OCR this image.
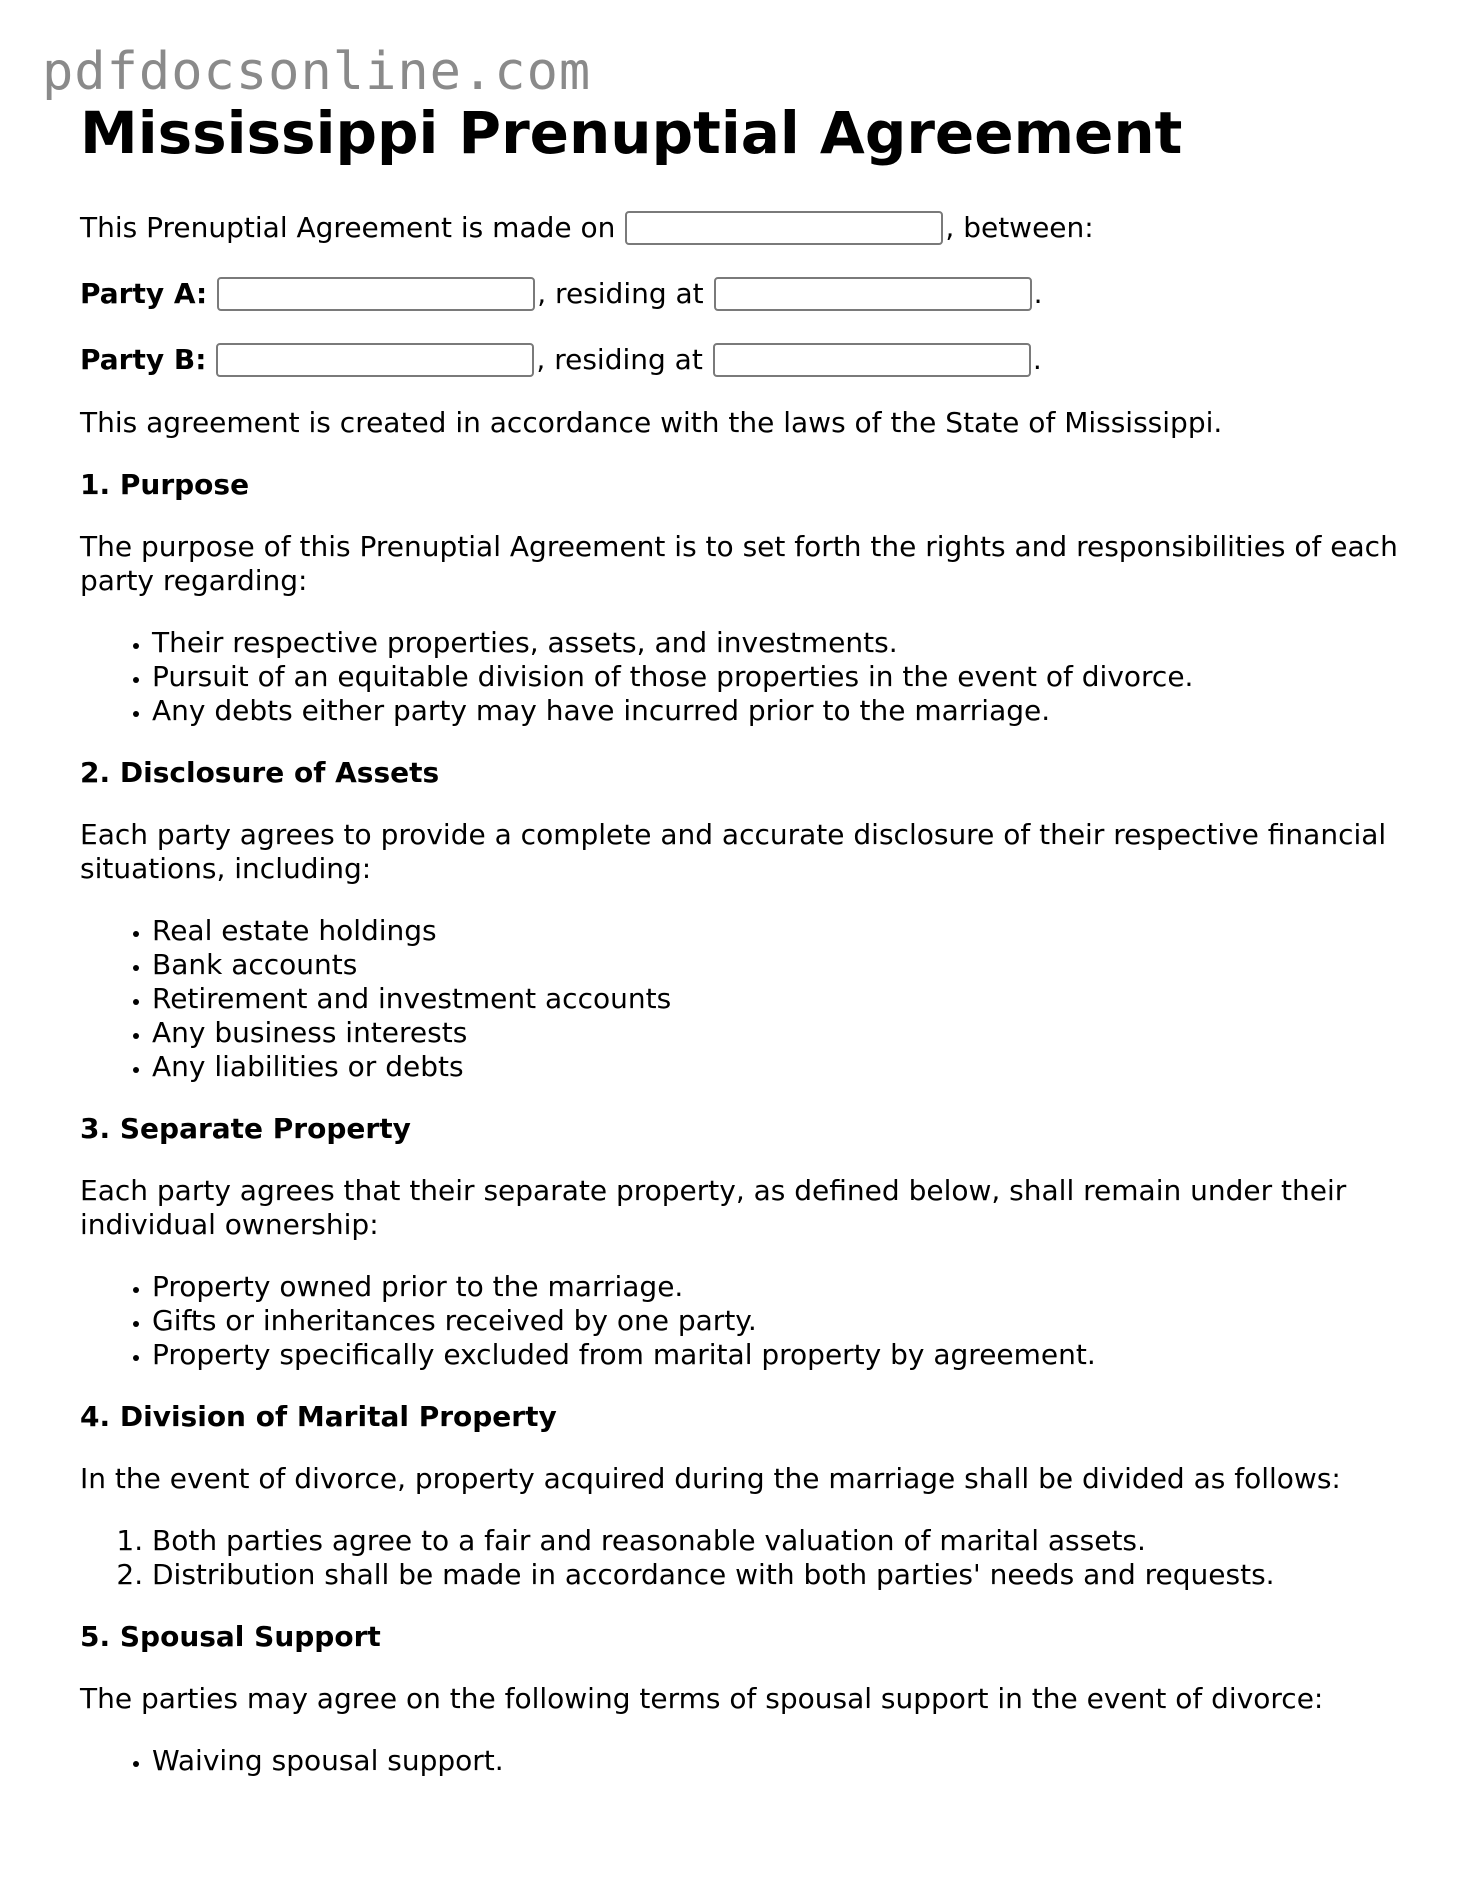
pdfdocsonline.com
Mississippi Prenuptial Agreement
This Prenuptial Agreement is made on	, between:
Party A:	, residing at	.
Party B:	, residing at	.

This agreement is created in accordance with the laws of the State of Mississippi.

1. Purpose

The purpose of this Prenuptial Agreement is to set forth the rights and responsibilities of each party regarding:

• Their respective properties, assets, and investments.
• Pursuit of an equitable division of those properties in the event of divorce.
• Any debts either party may have incurred prior to the marriage.
2. Disclosure of Assets

Each party agrees to provide a complete and accurate disclosure of their respective financial situations, including:

• Real estate holdings
• Bank accounts
• Retirement and investment accounts
• Any business interests
• Any liabilities or debts
3. Separate Property

Each party agrees that their separate property, as defined below, shall remain under their individual ownership:

• Property owned prior to the marriage.
• Gifts or inheritances received by one party.
• Property specifically excluded from marital property by agreement.
4. Division of Marital Property

In the event of divorce, property acquired during the marriage shall be divided as follows:

1. Both parties agree to a fair and reasonable valuation of marital assets.
2. Distribution shall be made in accordance with both parties' needs and requests.
5. Spousal Support

The parties may agree on the following terms of spousal support in the event of divorce:

• Waiving spousal support.
